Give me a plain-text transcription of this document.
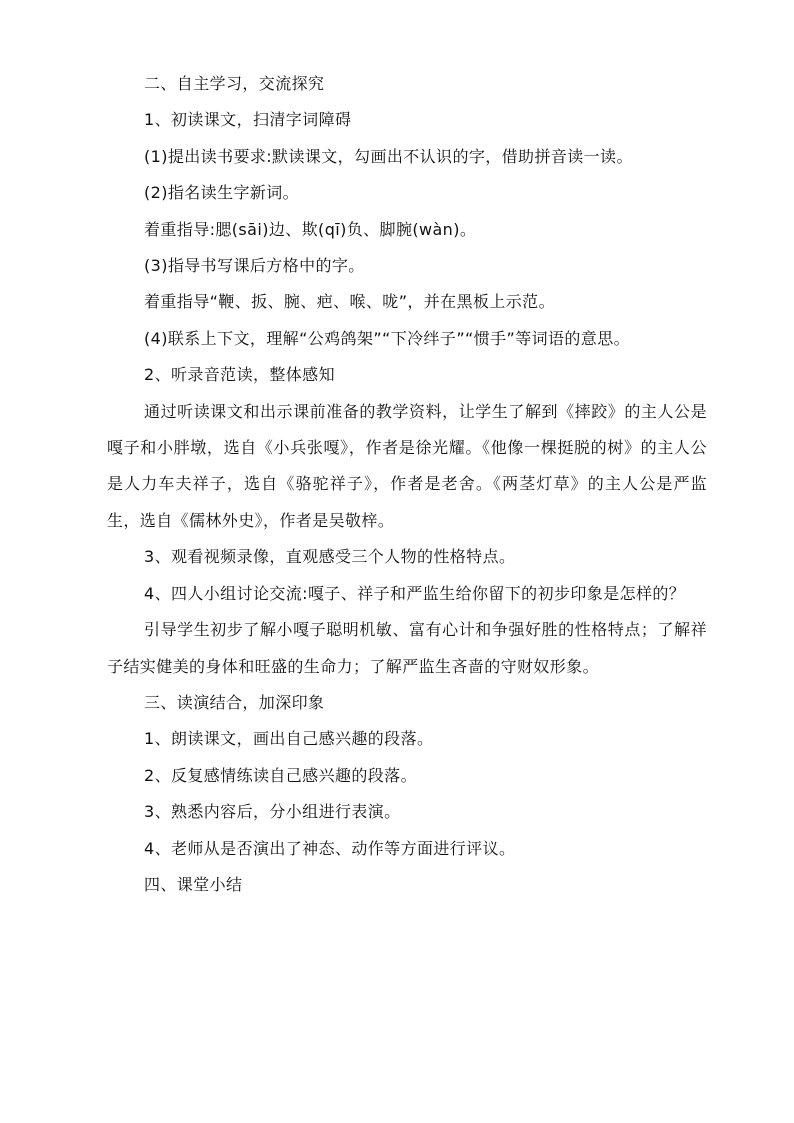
二、自主学习，交流探究

1、初读课文，扫清字词障碍

(1)提出读书要求:默读课文，勾画出不认识的字，借助拼音读一读。

(2)指名读生字新词。

着重指导:腮(sāi)边、欺(qī)负、脚腕(wàn)。

(3)指导书写课后方格中的字。

着重指导“鞭、扳、腕、疤、喉、咙”，并在黑板上示范。

(4)联系上下文，理解“公鸡鸽架”“下冷绊子”“惯手”等词语的意思。

2、听录音范读，整体感知

通过听读课文和出示课前准备的教学资料，让学生了解到《摔跤》的主人公是嘎子和小胖墩，选自《小兵张嘎》，作者是徐光耀。《他像一棵挺脱的树》的主人公是人力车夫祥子，选自《骆驼祥子》，作者是老舍。《两茎灯草》的主人公是严监生，选自《儒林外史》，作者是吴敬梓。

3、观看视频录像，直观感受三个人物的性格特点。

4、四人小组讨论交流:嘎子、祥子和严监生给你留下的初步印象是怎样的？

引导学生初步了解小嘎子聪明机敏、富有心计和争强好胜的性格特点；了解祥子结实健美的身体和旺盛的生命力；了解严监生吝啬的守财奴形象。

三、读演结合，加深印象

1、朗读课文，画出自己感兴趣的段落。

2、反复感情练读自己感兴趣的段落。

3、熟悉内容后，分小组进行表演。

4、老师从是否演出了神态、动作等方面进行评议。

四、课堂小结
